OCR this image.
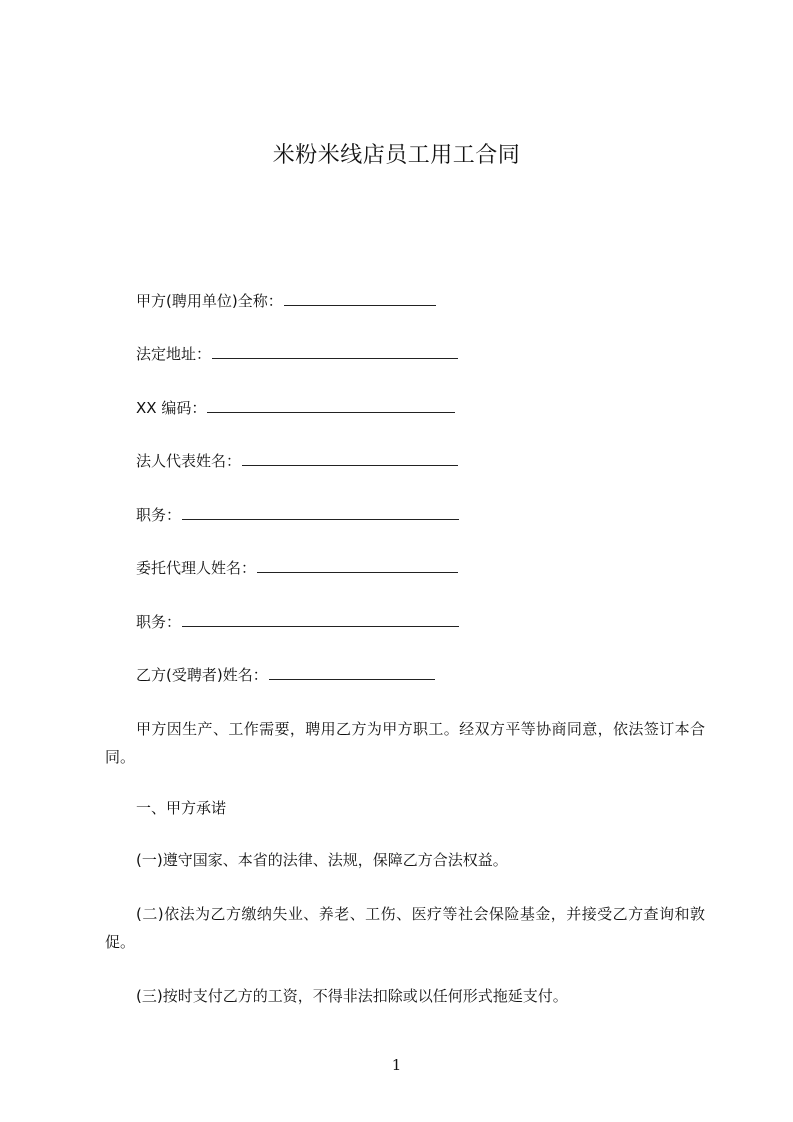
米粉米线店员工用工合同
甲方(聘用单位)全称：
法定地址：
XX 编码：
法人代表姓名：
职务：
委托代理人姓名：
职务：
乙方(受聘者)姓名：
甲方因生产、工作需要，聘用乙方为甲方职工。经双方平等协商同意，依法签订本合同。
一、甲方承诺
(一)遵守国家、本省的法律、法规，保障乙方合法权益。
(二)依法为乙方缴纳失业、养老、工伤、医疗等社会保险基金，并接受乙方查询和敦促。
(三)按时支付乙方的工资，不得非法扣除或以任何形式拖延支付。
1
